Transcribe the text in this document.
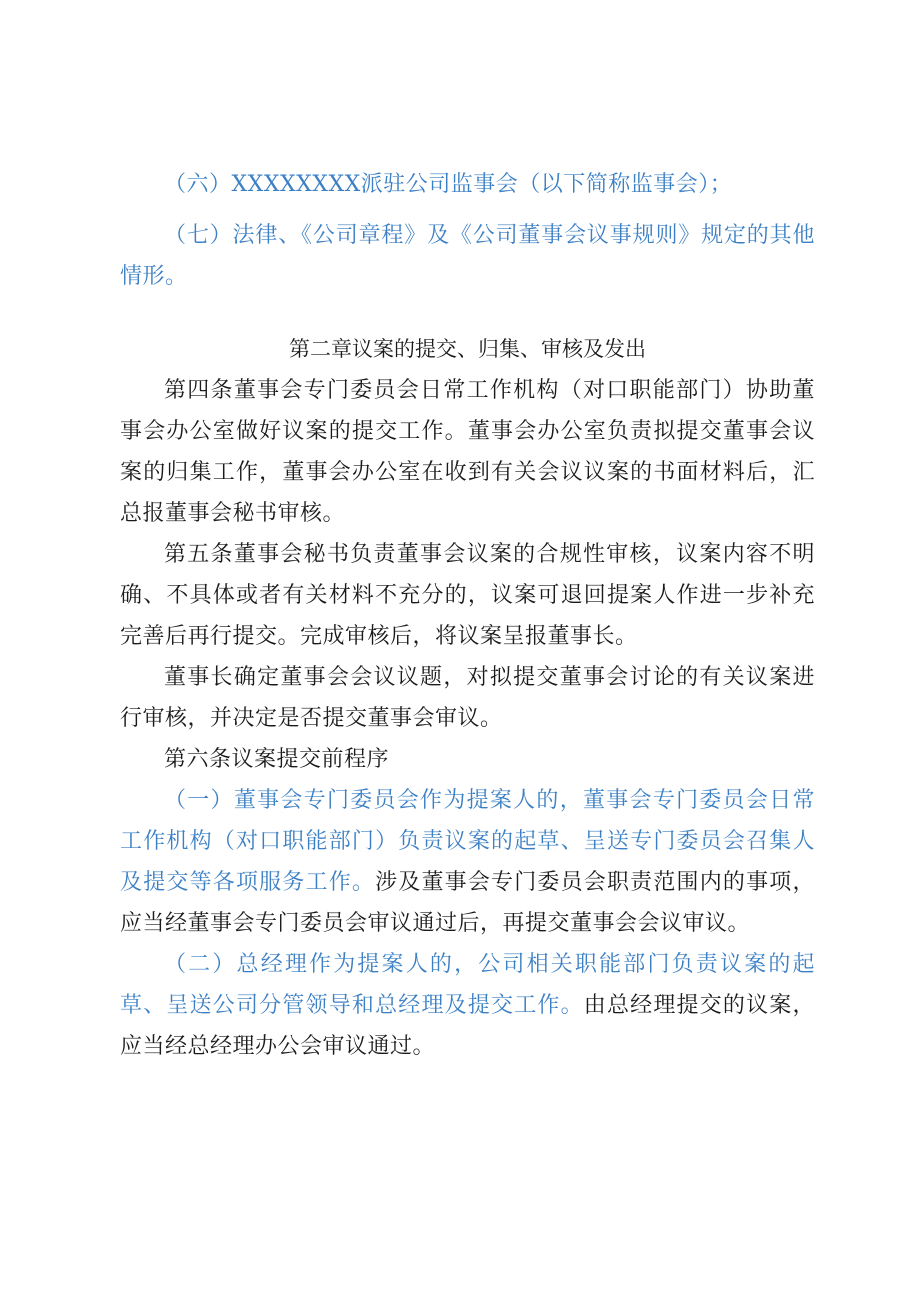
（六）XXXXXXXX派驻公司监事会（以下简称监事会）；

（七）法律、《公司章程》及《公司董事会议事规则》规定的其他情形。

第二章议案的提交、归集、审核及发出

第四条董事会专门委员会日常工作机构（对口职能部门）协助董事会办公室做好议案的提交工作。董事会办公室负责拟提交董事会议案的归集工作，董事会办公室在收到有关会议议案的书面材料后，汇总报董事会秘书审核。

第五条董事会秘书负责董事会议案的合规性审核，议案内容不明确、不具体或者有关材料不充分的，议案可退回提案人作进一步补充完善后再行提交。完成审核后，将议案呈报董事长。

董事长确定董事会会议议题，对拟提交董事会讨论的有关议案进行审核，并决定是否提交董事会审议。

第六条议案提交前程序

（一）董事会专门委员会作为提案人的，董事会专门委员会日常工作机构（对口职能部门）负责议案的起草、呈送专门委员会召集人及提交等各项服务工作。涉及董事会专门委员会职责范围内的事项，应当经董事会专门委员会审议通过后，再提交董事会会议审议。

（二）总经理作为提案人的，公司相关职能部门负责议案的起草、呈送公司分管领导和总经理及提交工作。由总经理提交的议案，应当经总经理办公会审议通过。
